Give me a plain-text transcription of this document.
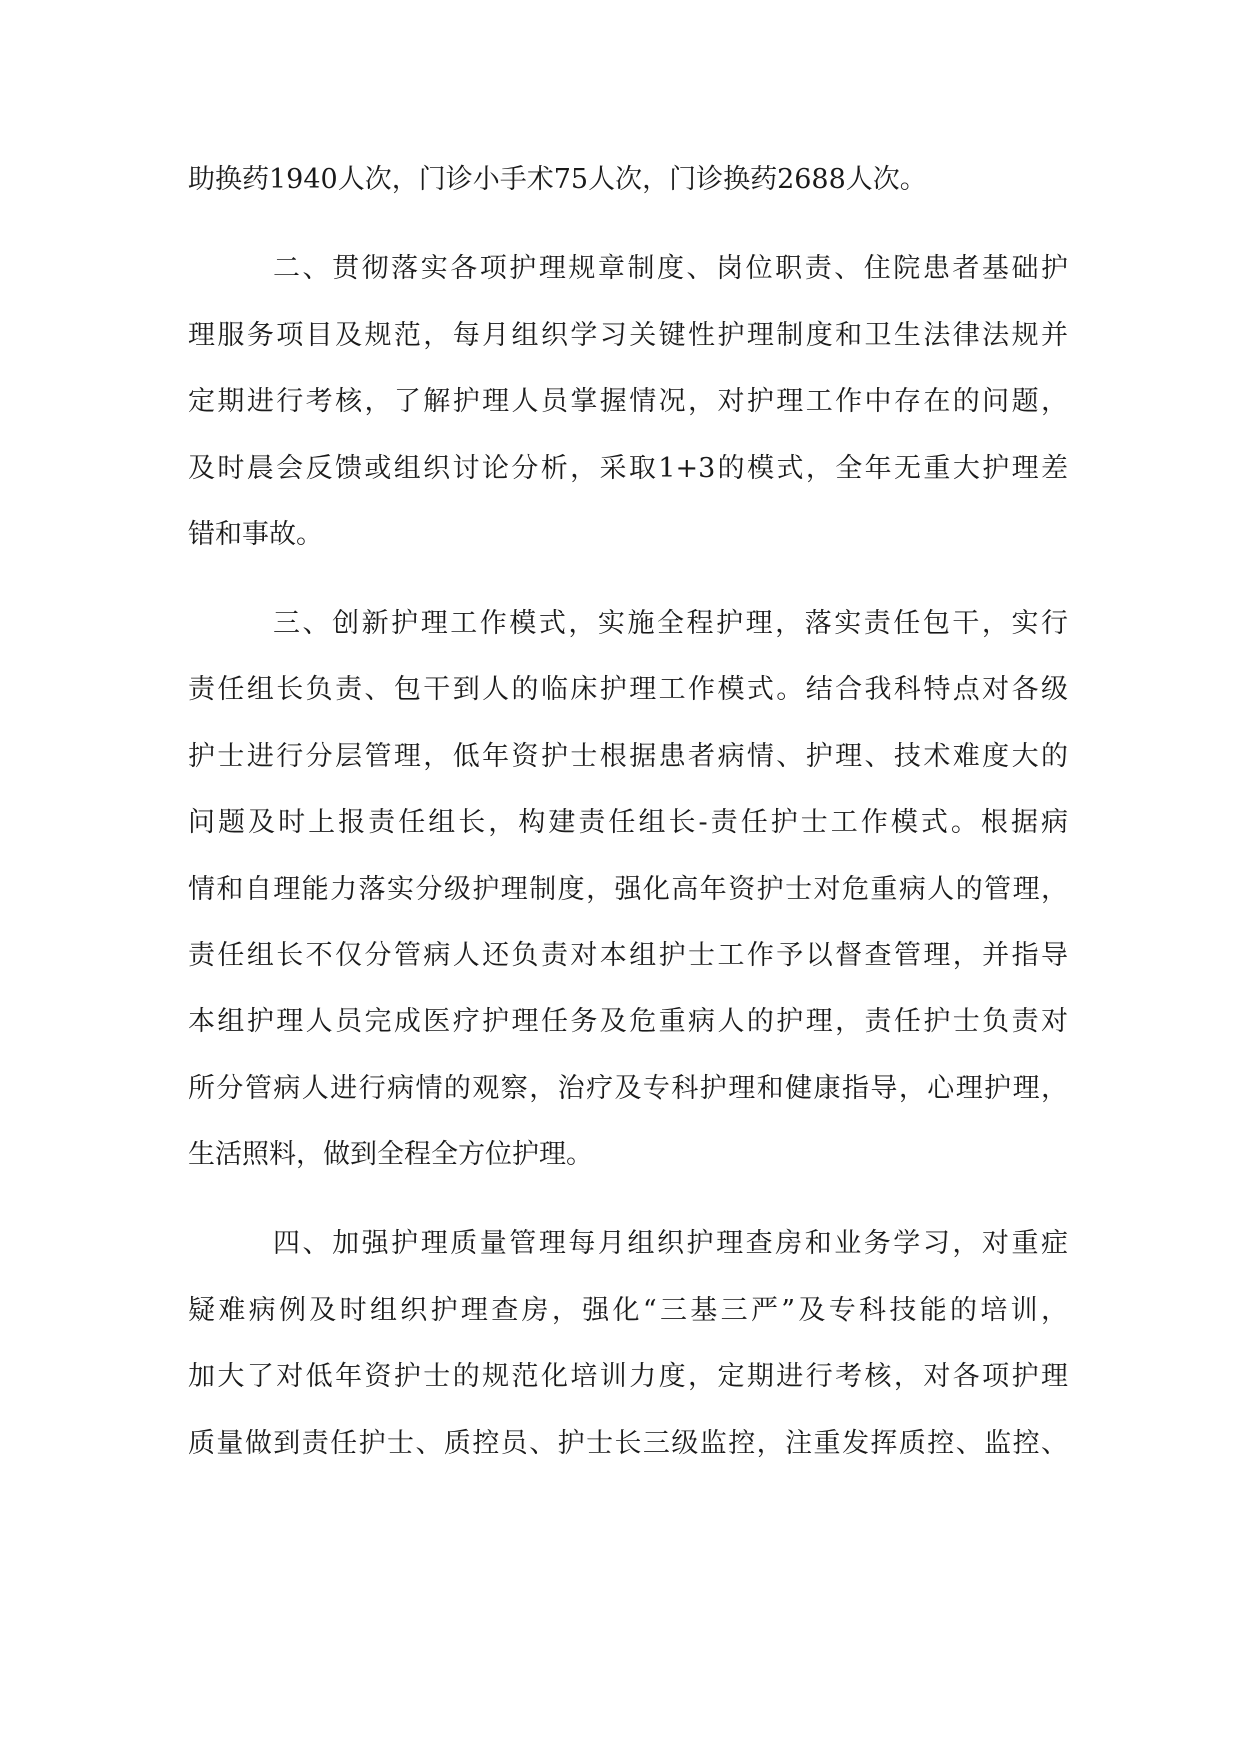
助换药1940人次，门诊小手术75人次，门诊换药2688人次。
二、贯彻落实各项护理规章制度、岗位职责、住院患者基础护
理服务项目及规范，每月组织学习关键性护理制度和卫生法律法规并
定期进行考核，了解护理人员掌握情况，对护理工作中存在的问题，
及时晨会反馈或组织讨论分析，采取1+3的模式，全年无重大护理差
错和事故。
三、创新护理工作模式，实施全程护理，落实责任包干，实行
责任组长负责、包干到人的临床护理工作模式。结合我科特点对各级
护士进行分层管理，低年资护士根据患者病情、护理、技术难度大的
问题及时上报责任组长，构建责任组长-责任护士工作模式。根据病
情和自理能力落实分级护理制度，强化高年资护士对危重病人的管理，
责任组长不仅分管病人还负责对本组护士工作予以督查管理，并指导
本组护理人员完成医疗护理任务及危重病人的护理，责任护士负责对
所分管病人进行病情的观察，治疗及专科护理和健康指导，心理护理，
生活照料，做到全程全方位护理。
四、加强护理质量管理每月组织护理查房和业务学习，对重症
疑难病例及时组织护理查房，强化“三基三严”及专科技能的培训，
加大了对低年资护士的规范化培训力度，定期进行考核，对各项护理
质量做到责任护士、质控员、护士长三级监控，注重发挥质控、监控、
